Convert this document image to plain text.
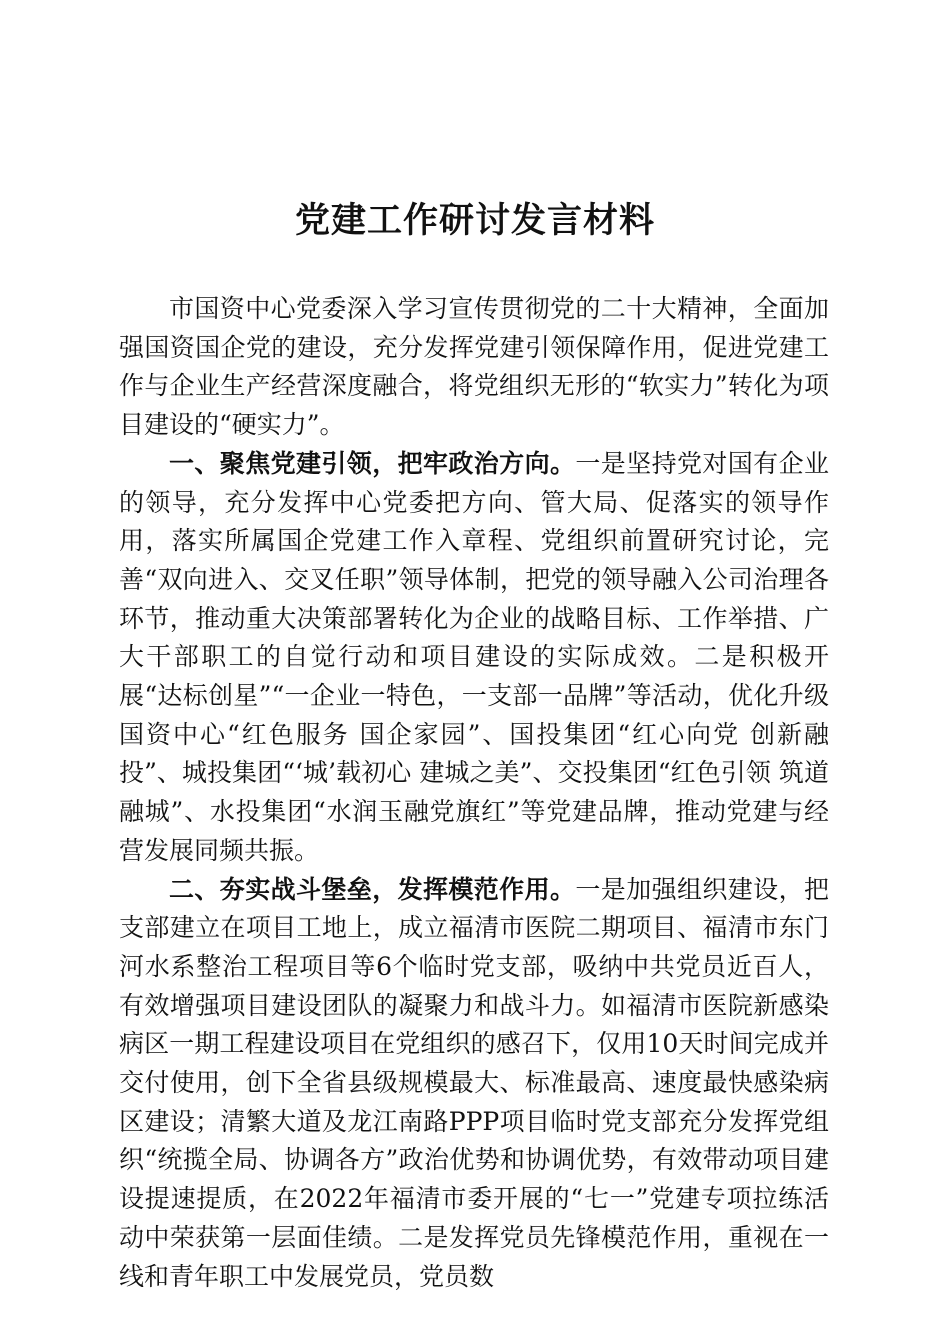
党建工作研讨发言材料

市国资中心党委深入学习宣传贯彻党的二十大精神，全面加强国资国企党的建设，充分发挥党建引领保障作用，促进党建工作与企业生产经营深度融合，将党组织无形的“软实力”转化为项目建设的“硬实力”。

一、聚焦党建引领，把牢政治方向。一是坚持党对国有企业的领导，充分发挥中心党委把方向、管大局、促落实的领导作用，落实所属国企党建工作入章程、党组织前置研究讨论，完善“双向进入、交叉任职”领导体制，把党的领导融入公司治理各环节，推动重大决策部署转化为企业的战略目标、工作举措、广大干部职工的自觉行动和项目建设的实际成效。二是积极开展“达标创星”“一企业一特色，一支部一品牌”等活动，优化升级国资中心“红色服务 国企家园”、国投集团“红心向党 创新融投”、城投集团“‘城’载初心 建城之美”、交投集团“红色引领 筑道融城”、水投集团“水润玉融党旗红”等党建品牌，推动党建与经营发展同频共振。

二、夯实战斗堡垒，发挥模范作用。一是加强组织建设，把支部建立在项目工地上，成立福清市医院二期项目、福清市东门河水系整治工程项目等6个临时党支部，吸纳中共党员近百人，有效增强项目建设团队的凝聚力和战斗力。如福清市医院新感染病区一期工程建设项目在党组织的感召下，仅用10天时间完成并交付使用，创下全省县级规模最大、标准最高、速度最快感染病区建设；清繁大道及龙江南路PPP项目临时党支部充分发挥党组织“统揽全局、协调各方”政治优势和协调优势，有效带动项目建设提速提质，在2022年福清市委开展的“七一”党建专项拉练活动中荣获第一层面佳绩。二是发挥党员先锋模范作用，重视在一线和青年职工中发展党员，党员数
